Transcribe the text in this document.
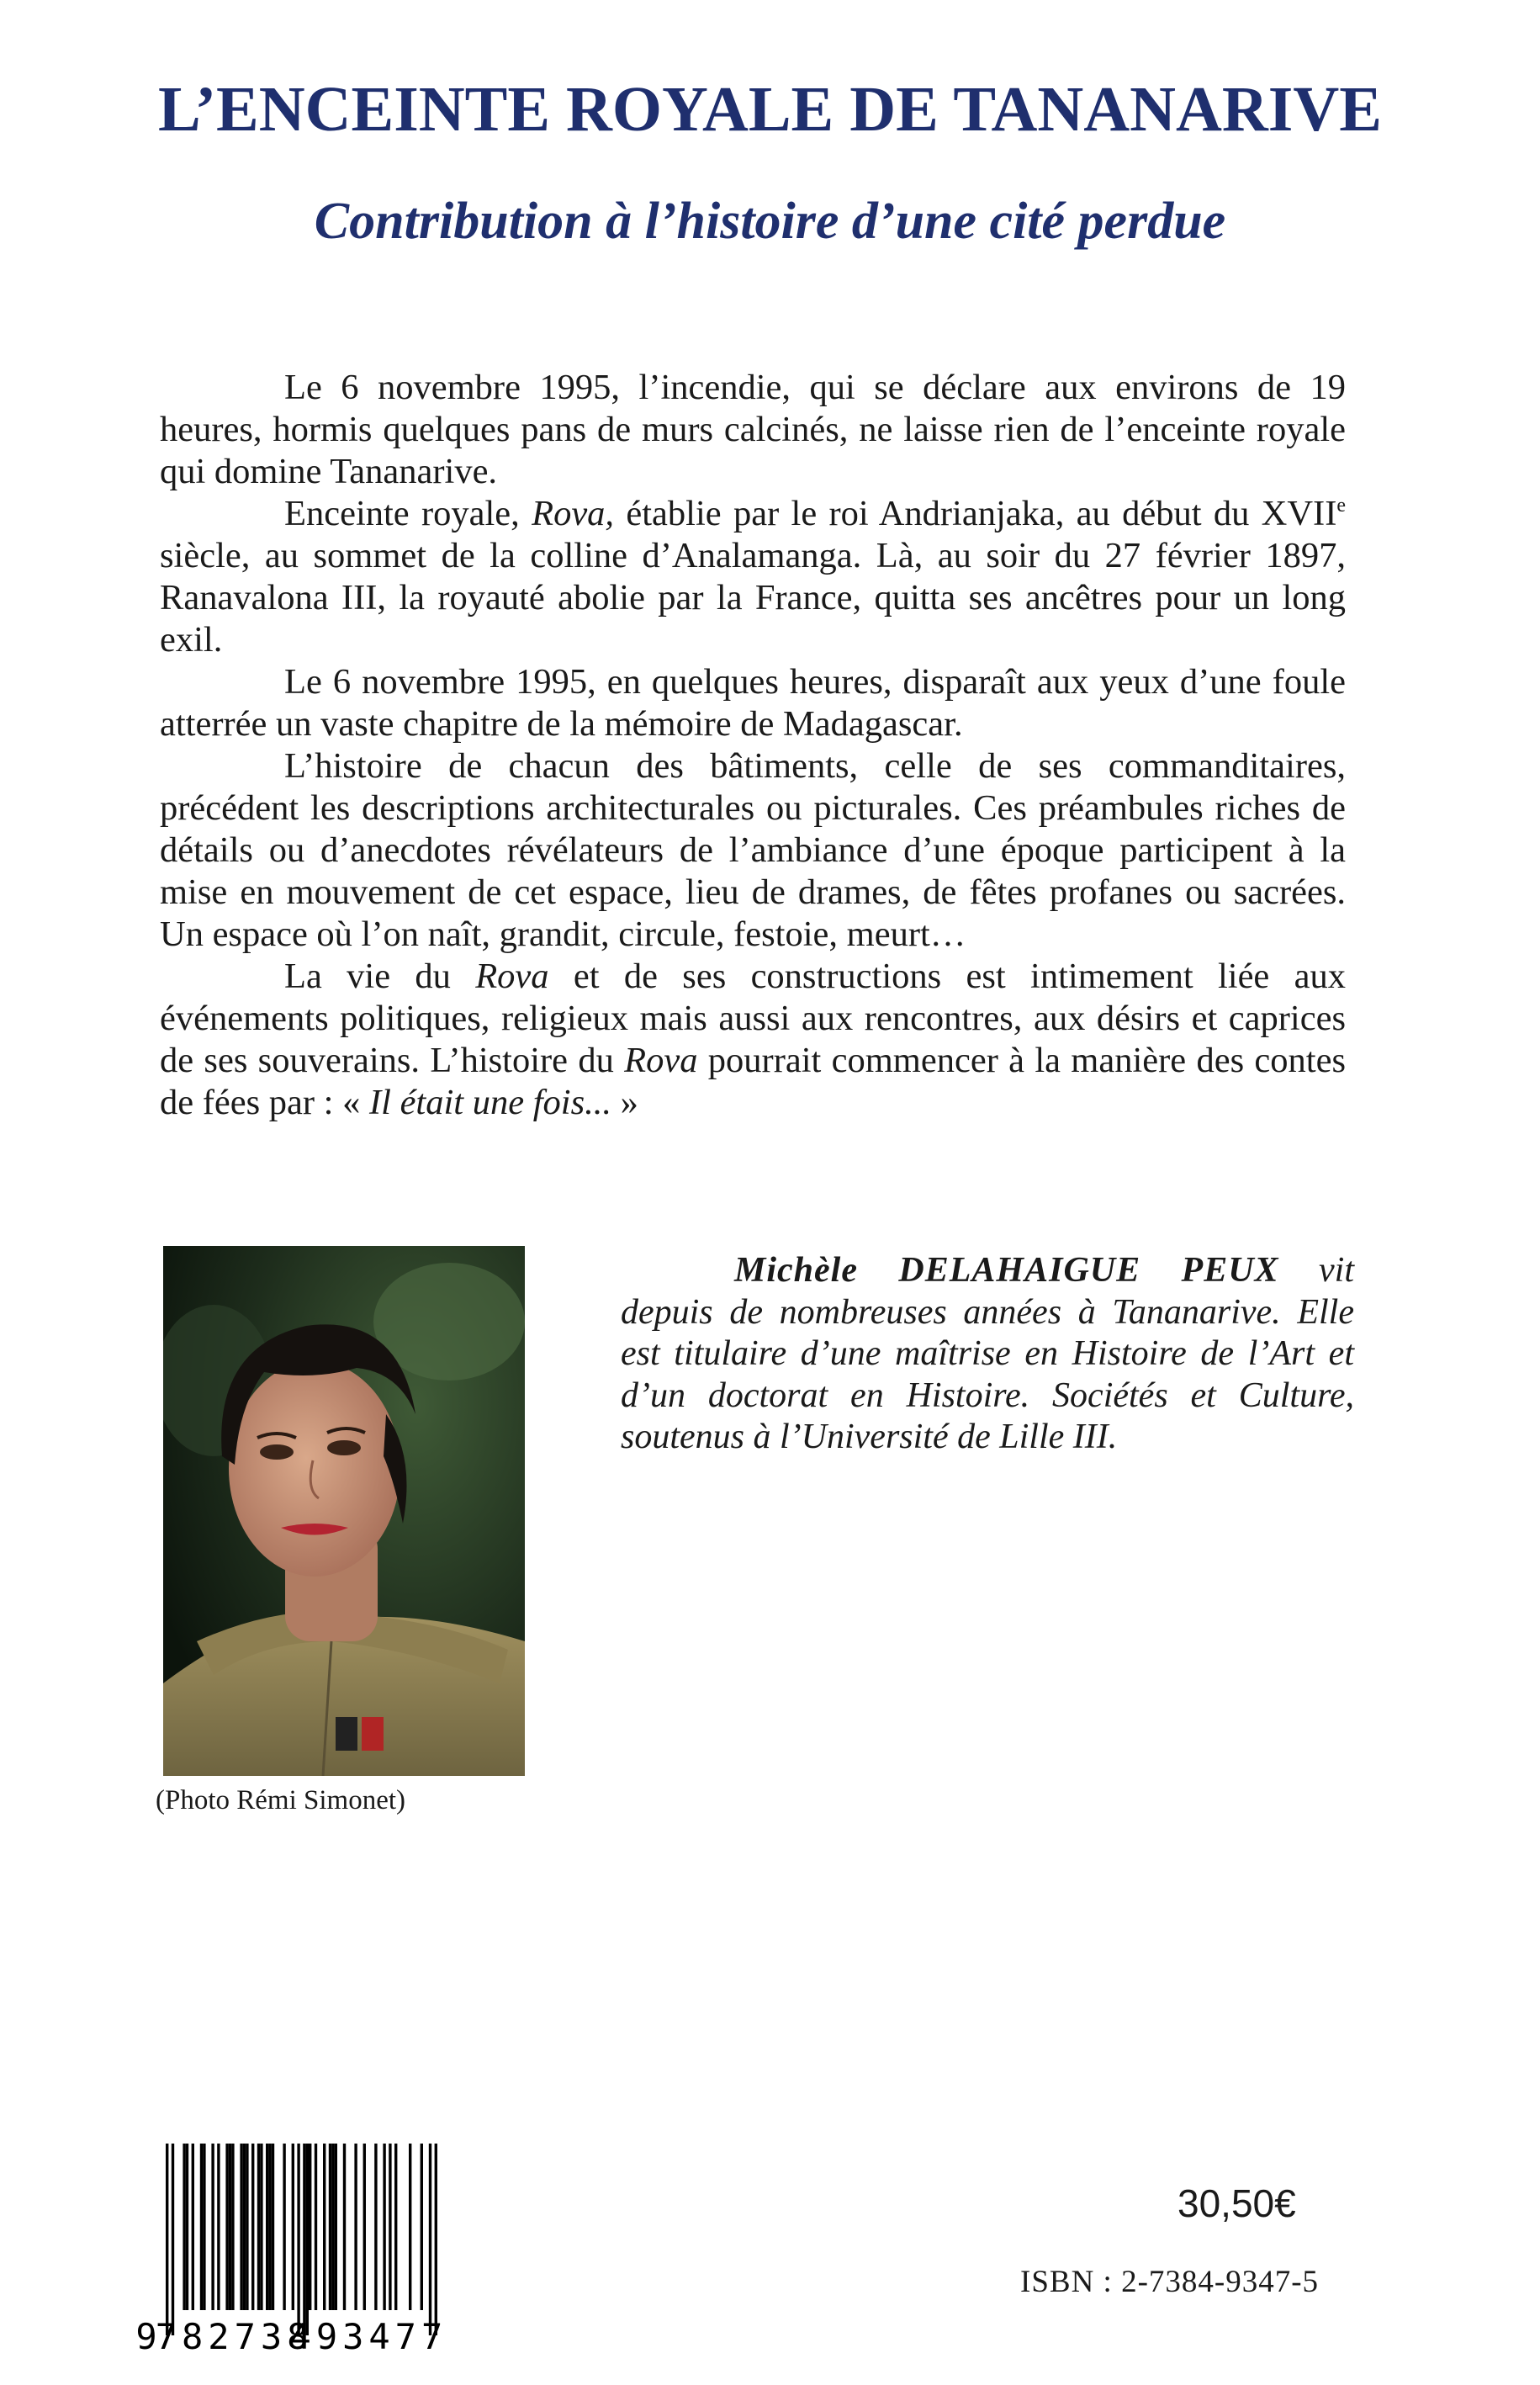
L’ENCEINTE ROYALE DE TANANARIVE
Contribution à l’histoire d’une cité perdue

Le 6 novembre 1995, l’incendie, qui se déclare aux environs de 19 heures, hormis quelques pans de murs calcinés, ne laisse rien de l’enceinte royale qui domine Tananarive.

Enceinte royale, Rova, établie par le roi Andrianjaka, au début du XVIIe siècle, au sommet de la colline d’Analamanga. Là, au soir du 27 février 1897, Ranavalona III, la royauté abolie par la France, quitta ses ancêtres pour un long exil.

Le 6 novembre 1995, en quelques heures, disparaît aux yeux d’une foule atterrée un vaste chapitre de la mémoire de Madagascar.

L’histoire de chacun des bâtiments, celle de ses commanditaires, précédent les descriptions architecturales ou picturales. Ces préambules riches de détails ou d’anecdotes révélateurs de l’ambiance d’une époque participent à la mise en mouvement de cet espace, lieu de drames, de fêtes profanes ou sacrées. Un espace où l’on naît, grandit, circule, festoie, meurt…

La vie du Rova et de ses constructions est intimement liée aux événements politiques, religieux mais aussi aux rencontres, aux désirs et caprices de ses souverains. L’histoire du Rova pourrait commencer à la manière des contes de fées par : « Il était une fois... »

(Photo Rémi Simonet)

Michèle DELAHAIGUE PEUX vit depuis de nombreuses années à Tananarive. Elle est titulaire d’une maîtrise en Histoire de l’Art et d’un doctorat en Histoire. Sociétés et Culture, soutenus à l’Université de Lille III.

9
782738
493477
30,50€
ISBN : 2-7384-9347-5
